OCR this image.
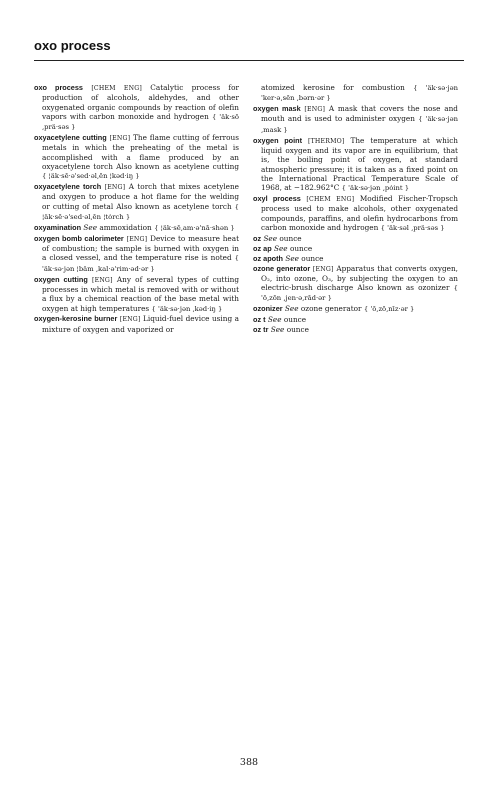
oxo process

oxo process [CHEM ENG] Catalytic process for production of alcohols, aldehydes, and other oxygenated organic compounds by reaction of olefin vapors with carbon monoxide and hydrogen { 'äk·sō ‚prä·səs }

oxyacetylene cutting [ENG] The flame cutting of ferrous metals in which the preheating of the metal is accomplished with a flame produced by an oxyacetylene torch Also known as acetylene cutting { ¦äk·sē·ə'sed·əl‚ēn ¦kəd·iŋ }

oxyacetylene torch [ENG] A torch that mixes acetylene and oxygen to produce a hot flame for the welding or cutting of metal Also known as acetylene torch { ¦äk·sē·ə'sed·əl‚ēn ¦tȯrch }

oxyamination See ammoxidation { ¦äk·sē‚am·ə'nā·shən }

oxygen bomb calorimeter [ENG] Device to measure heat of combustion; the sample is burned with oxygen in a closed vessel, and the temperature rise is noted { 'äk·sə·jən ¦bäm ‚kal·ə'rim·əd·ər }

oxygen cutting [ENG] Any of several types of cutting processes in which metal is removed with or without a flux by a chemical reaction of the base metal with oxygen at high temperatures { 'äk·sə·jən ‚kəd·iŋ }

oxygen-kerosine burner [ENG] Liquid-fuel device using a mixture of oxygen and vaporized or

atomized kerosine for combustion { 'äk·sə·jən 'ker·ə‚sēn ‚bərn·ər }

oxygen mask [ENG] A mask that covers the nose and mouth and is used to administer oxygen { 'äk·sə·jən ‚mask }

oxygen point [THERMO] The temperature at which liquid oxygen and its vapor are in equilibrium, that is, the boiling point of oxygen, at standard atmospheric pressure; it is taken as a fixed point on the International Practical Temperature Scale of 1968, at −182.962°C { 'äk·sə·jən ‚pȯint }

oxyl process [CHEM ENG] Modified Fischer-Tropsch process used to make alcohols, other oxygenated compounds, paraffins, and olefin hydrocarbons from carbon monoxide and hydrogen { 'äk·səl ‚prä·səs }

oz See ounce

oz ap See ounce

oz apoth See ounce

ozone generator [ENG] Apparatus that converts oxygen, O₂, into ozone, O₃, by subjecting the oxygen to an electric-brush discharge Also known as ozonizer { 'ō‚zōn ‚jen·ə‚rād·ər }

ozonizer See ozone generator { 'ō‚zō‚nīz·ər }

oz t See ounce

oz tr See ounce

388
